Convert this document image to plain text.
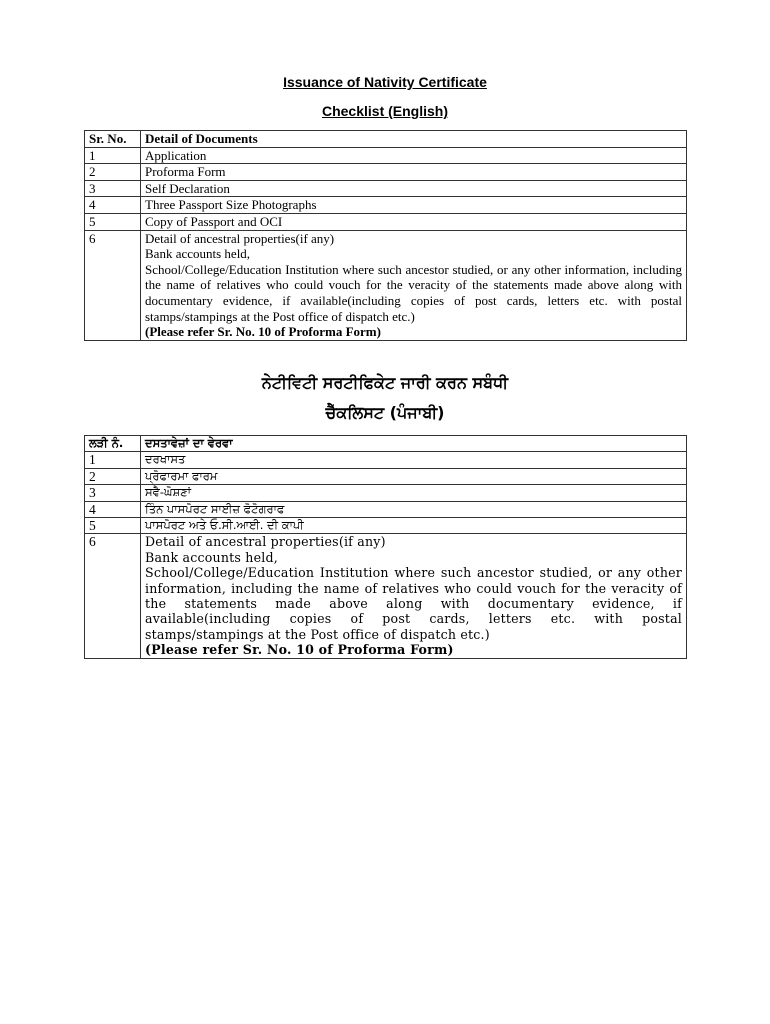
Issuance of Nativity Certificate
Checklist (English)
Sr. No.	Detail of Documents
1	Application
2	Proforma Form
3	Self Declaration
4	Three Passport Size Photographs
5	Copy of Passport and OCI
6	Detail of ancestral properties(if any)
Bank accounts held,
School/College/Education Institution where such ancestor studied, or any other information, including the name of relatives who could vouch for the veracity of the statements made above along with documentary evidence, if available(including copies of post cards, letters etc. with postal stamps/stampings at the Post office of dispatch etc.)
(Please refer Sr. No. 10 of Proforma Form)
ਨੇਟੀਵਿਟੀ ਸਰਟੀਫਿਕੇਟ ਜਾਰੀ ਕਰਨ ਸਬੰਧੀ
ਚੈੱਕਲਿਸਟ (ਪੰਜਾਬੀ)
ਲੜੀ ਨੰ.	ਦਸਤਾਵੇਜ਼ਾਂ ਦਾ ਵੇਰਵਾ
1	ਦਰਖਾਸਤ
2	ਪ੍ਰੋਫਾਰਮਾ ਫਾਰਮ
3	ਸਵੈ-ਘੋਸ਼ਣਾਂ
4	ਤਿੰਨ ਪਾਸਪੋਰਟ ਸਾਈਜ਼ ਫੋਟੋਗਰਾਫ
5	ਪਾਸਪੋਰਟ ਅਤੇ ਓ.ਸੀ.ਆਈ. ਦੀ ਕਾਪੀ
6	Detail of ancestral properties(if any)
Bank accounts held,
School/College/Education Institution where such ancestor studied, or any other information, including the name of relatives who could vouch for the veracity of the statements made above along with documentary evidence, if available(including copies of post cards, letters etc. with postal stamps/stampings at the Post office of dispatch etc.)
(Please refer Sr. No. 10 of Proforma Form)
